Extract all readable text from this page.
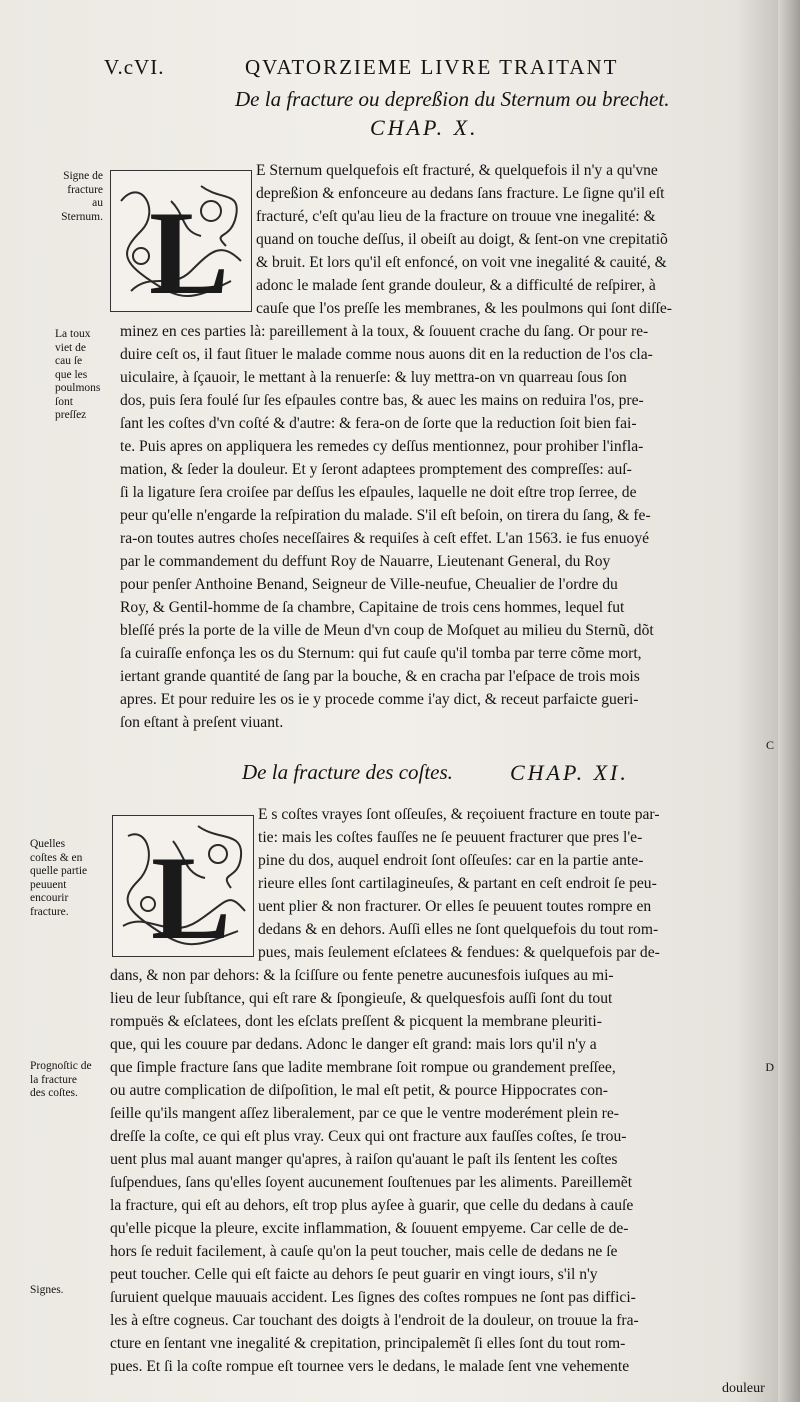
V.cVI.	QVATORZIEME LIVRE TRAITANT
De la fracture ou depreßion du Sternum ou brechet.
CHAP. X.
L
Signe de fracture au Sternum.
La toux viet de cau ſe que les poulmons ſont preſſez
E Sternum quelquefois eſt fracturé, & quelquefois il n'y a qu'vne
depreßion & enfonceure au dedans ſans fracture. Le ſigne qu'il eſt
fracturé, c'eſt qu'au lieu de la fracture on trouue vne inegalité: &
quand on touche deſſus, il obeiſt au doigt, & ſent-on vne crepitatiõ
& bruit. Et lors qu'il eſt enfoncé, on voit vne inegalité & cauité, &
adonc le malade ſent grande douleur, & a difficulté de reſpirer, à
cauſe que l'os preſſe les membranes, & les poulmons qui ſont diſſe-
minez en ces parties là: pareillement à la toux, & ſouuent crache du ſang. Or pour re-
duire ceſt os, il faut ſituer le malade comme nous auons dit en la reduction de l'os cla-
uiculaire, à ſçauoir, le mettant à la renuerſe: & luy mettra-on vn quarreau ſous ſon
dos, puis ſera foulé ſur ſes eſpaules contre bas, & auec les mains on reduira l'os, pre-
ſant les coſtes d'vn coſté & d'autre: & fera-on de ſorte que la reduction ſoit bien fai-
te. Puis apres on appliquera les remedes cy deſſus mentionnez, pour prohiber l'infla-
mation, & ſeder la douleur. Et y ſeront adaptees promptement des compreſſes: auſ-
ſi la ligature ſera croiſee par deſſus les eſpaules, laquelle ne doit eſtre trop ſerree, de
peur qu'elle n'engarde la reſpiration du malade. S'il eſt beſoin, on tirera du ſang, & fe-
ra-on toutes autres choſes neceſſaires & requiſes à ceſt effet. L'an 1563. ie fus enuoyé
par le commandement du deffunt Roy de Nauarre, Lieutenant General, du Roy
pour penſer Anthoine Benand, Seigneur de Ville-neufue, Cheualier de l'ordre du
Roy, & Gentil-homme de ſa chambre, Capitaine de trois cens hommes, lequel fut
bleſſé prés la porte de la ville de Meun d'vn coup de Moſquet au milieu du Sternũ, dõt
ſa cuiraſſe enfonça les os du Sternum: qui fut cauſe qu'il tomba par terre cõme mort,
iertant grande quantité de ſang par la bouche, & en cracha par l'eſpace de trois mois
apres. Et pour reduire les os ie y procede comme i'ay dict, & receut parfaicte gueri-
ſon eſtant à preſent viuant.
De la fracture des coſtes.	CHAP. XI.
L
Quelles coſtes & en quelle partie peuuent encourir fracture.
Prognoſtic de la fracture des coſtes.
Signes.
E s coſtes vrayes ſont oſſeuſes, & reçoiuent fracture en toute par-
tie: mais les coſtes fauſſes ne ſe peuuent fracturer que pres l'e-
pine du dos, auquel endroit ſont oſſeuſes: car en la partie ante-
rieure elles ſont cartilagineuſes, & partant en ceſt endroit ſe peu-
uent plier & non fracturer. Or elles ſe peuuent toutes rompre en
dedans & en dehors. Auſſi elles ne ſont quelquefois du tout rom-
pues, mais ſeulement eſclatees & fendues: & quelquefois par de-
dans, & non par dehors: & la ſciſſure ou fente penetre aucunesfois iuſques au mi-
lieu de leur ſubſtance, qui eſt rare & ſpongieuſe, & quelquesfois auſſi ſont du tout
rompuës & eſclatees, dont les eſclats preſſent & picquent la membrane pleuriti-
que, qui les couure par dedans. Adonc le danger eſt grand: mais lors qu'il n'y a
que ſimple fracture ſans que ladite membrane ſoit rompue ou grandement preſſee,
ou autre complication de diſpoſition, le mal eſt petit, & pource Hippocrates con-
ſeille qu'ils mangent aſſez liberalement, par ce que le ventre moderément plein re-
dreſſe la coſte, ce qui eſt plus vray. Ceux qui ont fracture aux fauſſes coſtes, ſe trou-
uent plus mal auant manger qu'apres, à raiſon qu'auant le paſt ils ſentent les coſtes
ſuſpendues, ſans qu'elles ſoyent aucunement ſouſtenues par les aliments. Pareillemẽt
la fracture, qui eſt au dehors, eſt trop plus ayſee à guarir, que celle du dedans à cauſe
qu'elle picque la pleure, excite inflammation, & ſouuent empyeme. Car celle de de-
hors ſe reduit facilement, à cauſe qu'on la peut toucher, mais celle de dedans ne ſe
peut toucher. Celle qui eſt faicte au dehors ſe peut guarir en vingt iours, s'il n'y
ſuruient quelque mauuais accident. Les ſignes des coſtes rompues ne ſont pas diffici-
les à eſtre cogneus. Car touchant des doigts à l'endroit de la douleur, on trouue la fra-
cture en ſentant vne inegalité & crepitation, principalemẽt ſi elles ſont du tout rom-
pues. Et ſi la coſte rompue eſt tournee vers le dedans, le malade ſent vne vehemente
douleur
C
D
